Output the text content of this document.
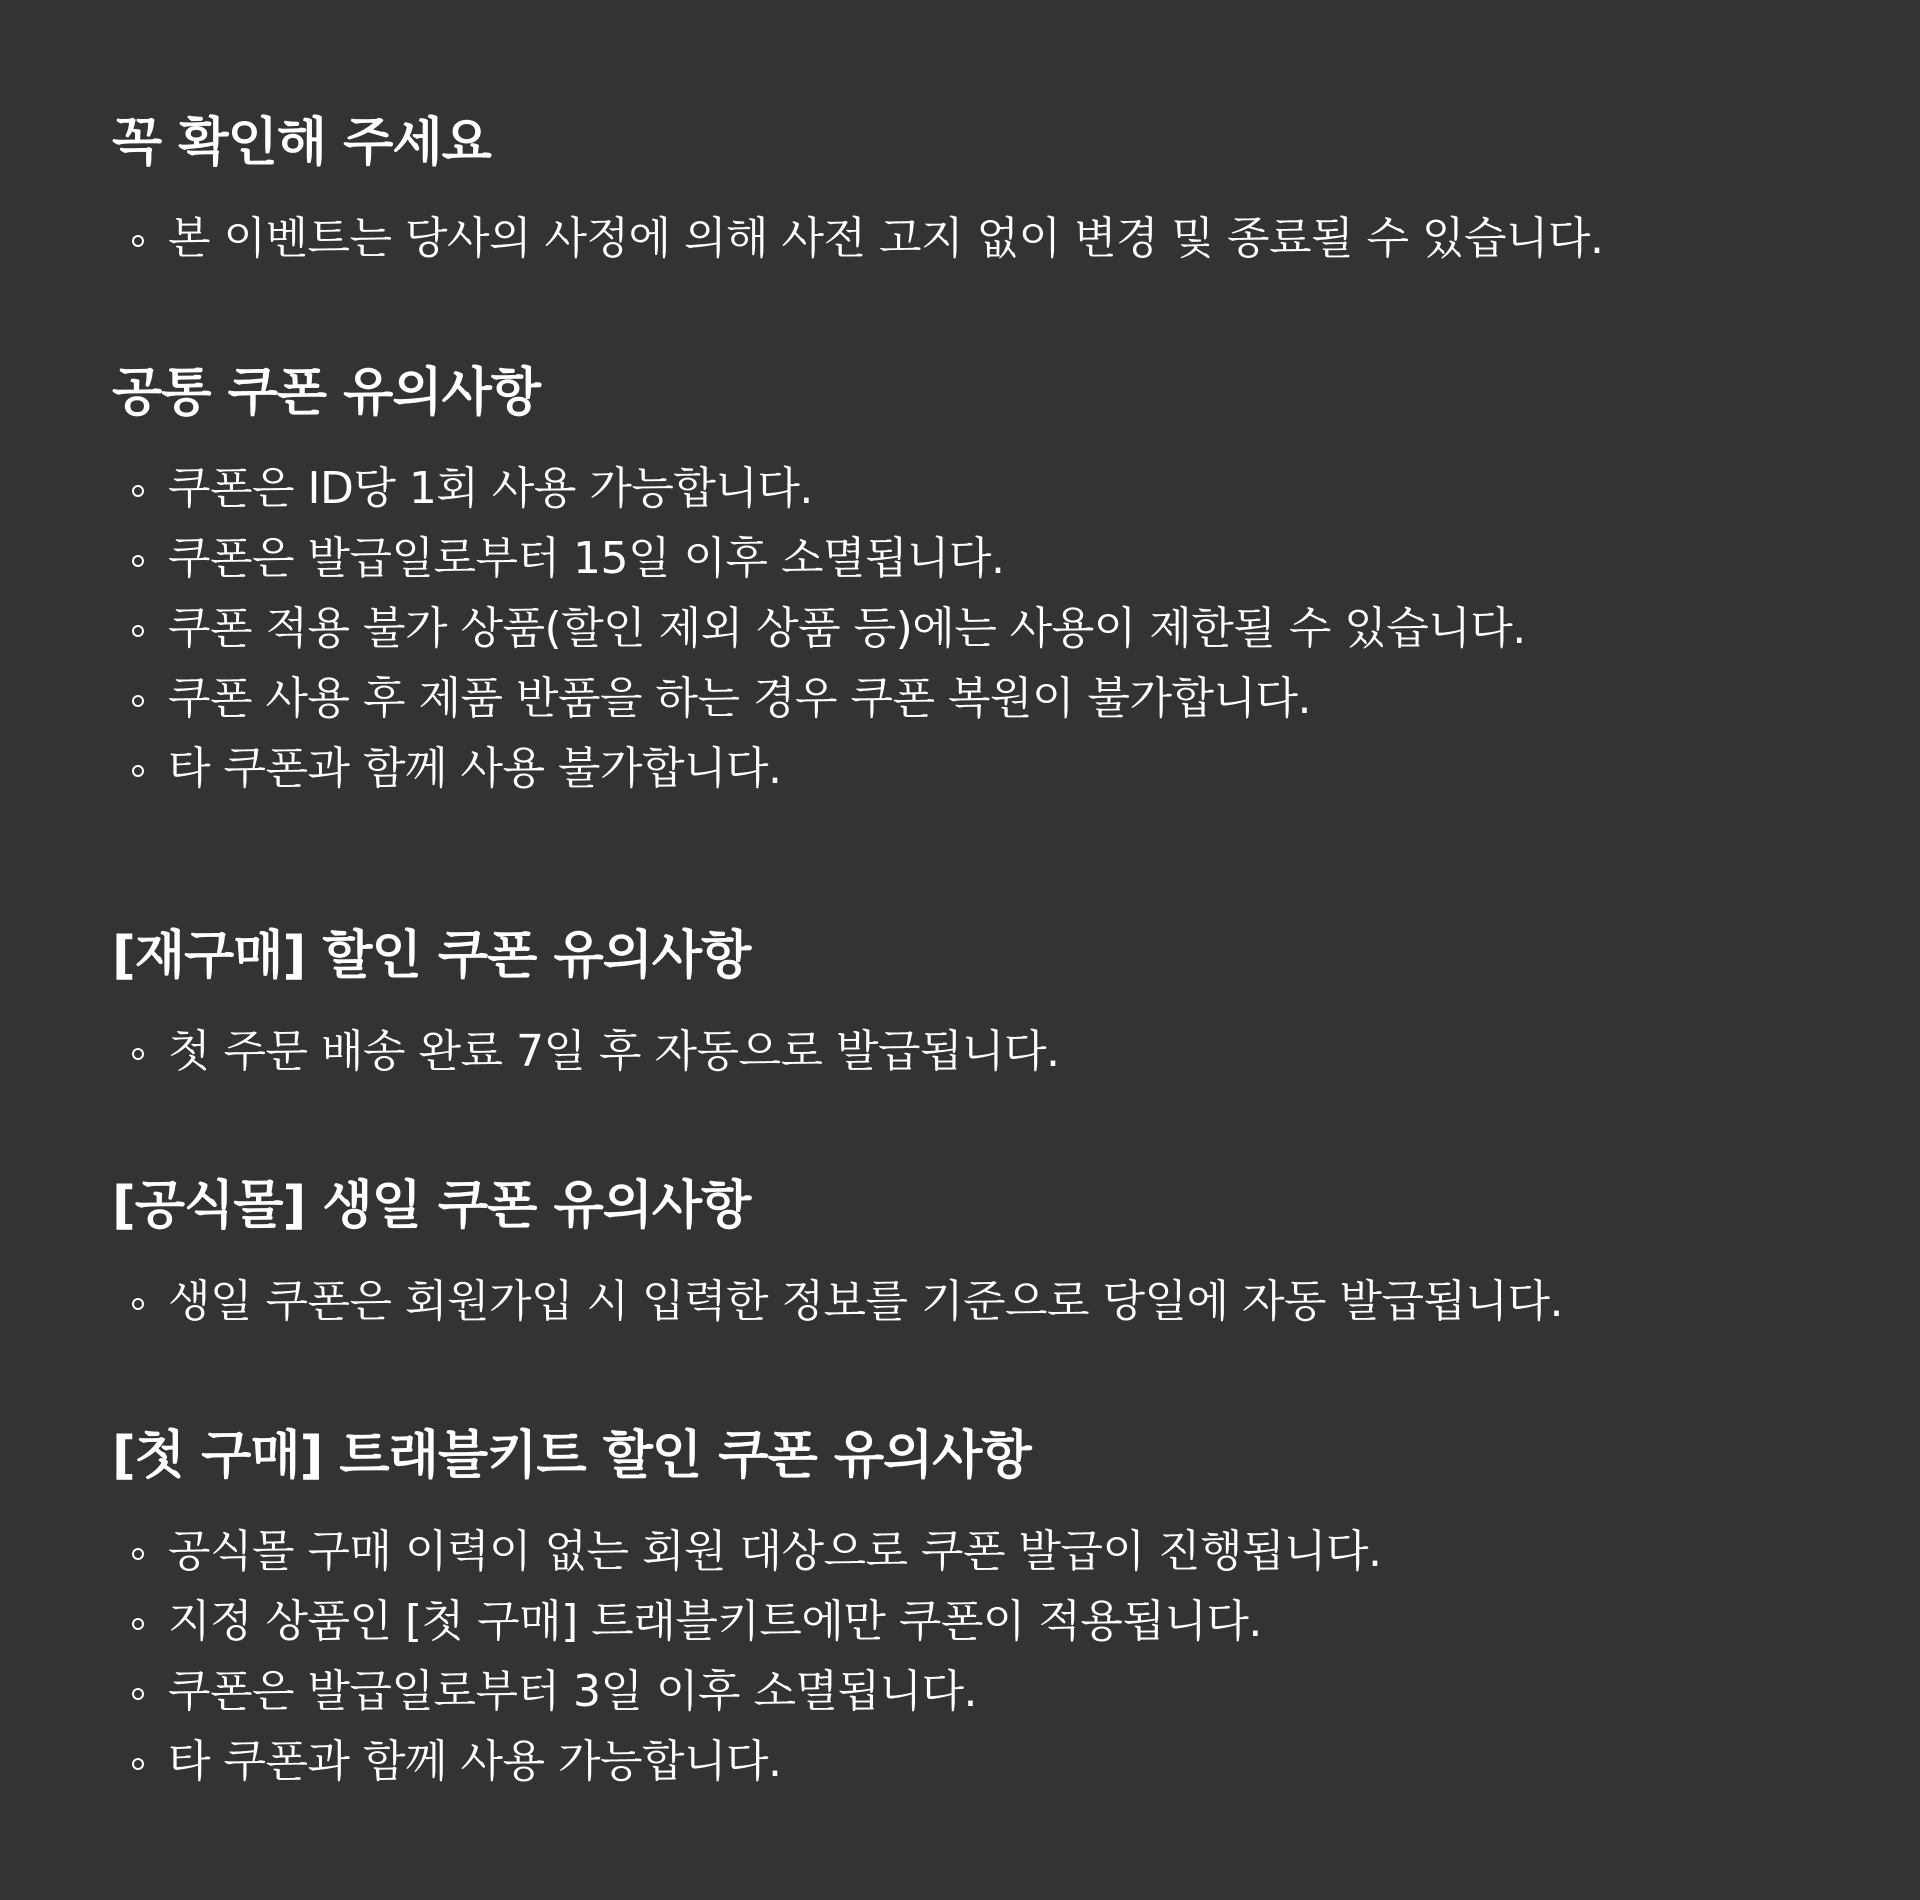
꼭 확인해 주세요
본 이벤트는 당사의 사정에 의해 사전 고지 없이 변경 및 종료될 수 있습니다.
공통 쿠폰 유의사항
쿠폰은 ID당 1회 사용 가능합니다.
쿠폰은 발급일로부터 15일 이후 소멸됩니다.
쿠폰 적용 불가 상품(할인 제외 상품 등)에는 사용이 제한될 수 있습니다.
쿠폰 사용 후 제품 반품을 하는 경우 쿠폰 복원이 불가합니다.
타 쿠폰과 함께 사용 불가합니다.
[재구매] 할인 쿠폰 유의사항
첫 주문 배송 완료 7일 후 자동으로 발급됩니다.
[공식몰] 생일 쿠폰 유의사항
생일 쿠폰은 회원가입 시 입력한 정보를 기준으로 당일에 자동 발급됩니다.
[첫 구매] 트래블키트 할인 쿠폰 유의사항
공식몰 구매 이력이 없는 회원 대상으로 쿠폰 발급이 진행됩니다.
지정 상품인 [첫 구매] 트래블키트에만 쿠폰이 적용됩니다.
쿠폰은 발급일로부터 3일 이후 소멸됩니다.
타 쿠폰과 함께 사용 가능합니다.
